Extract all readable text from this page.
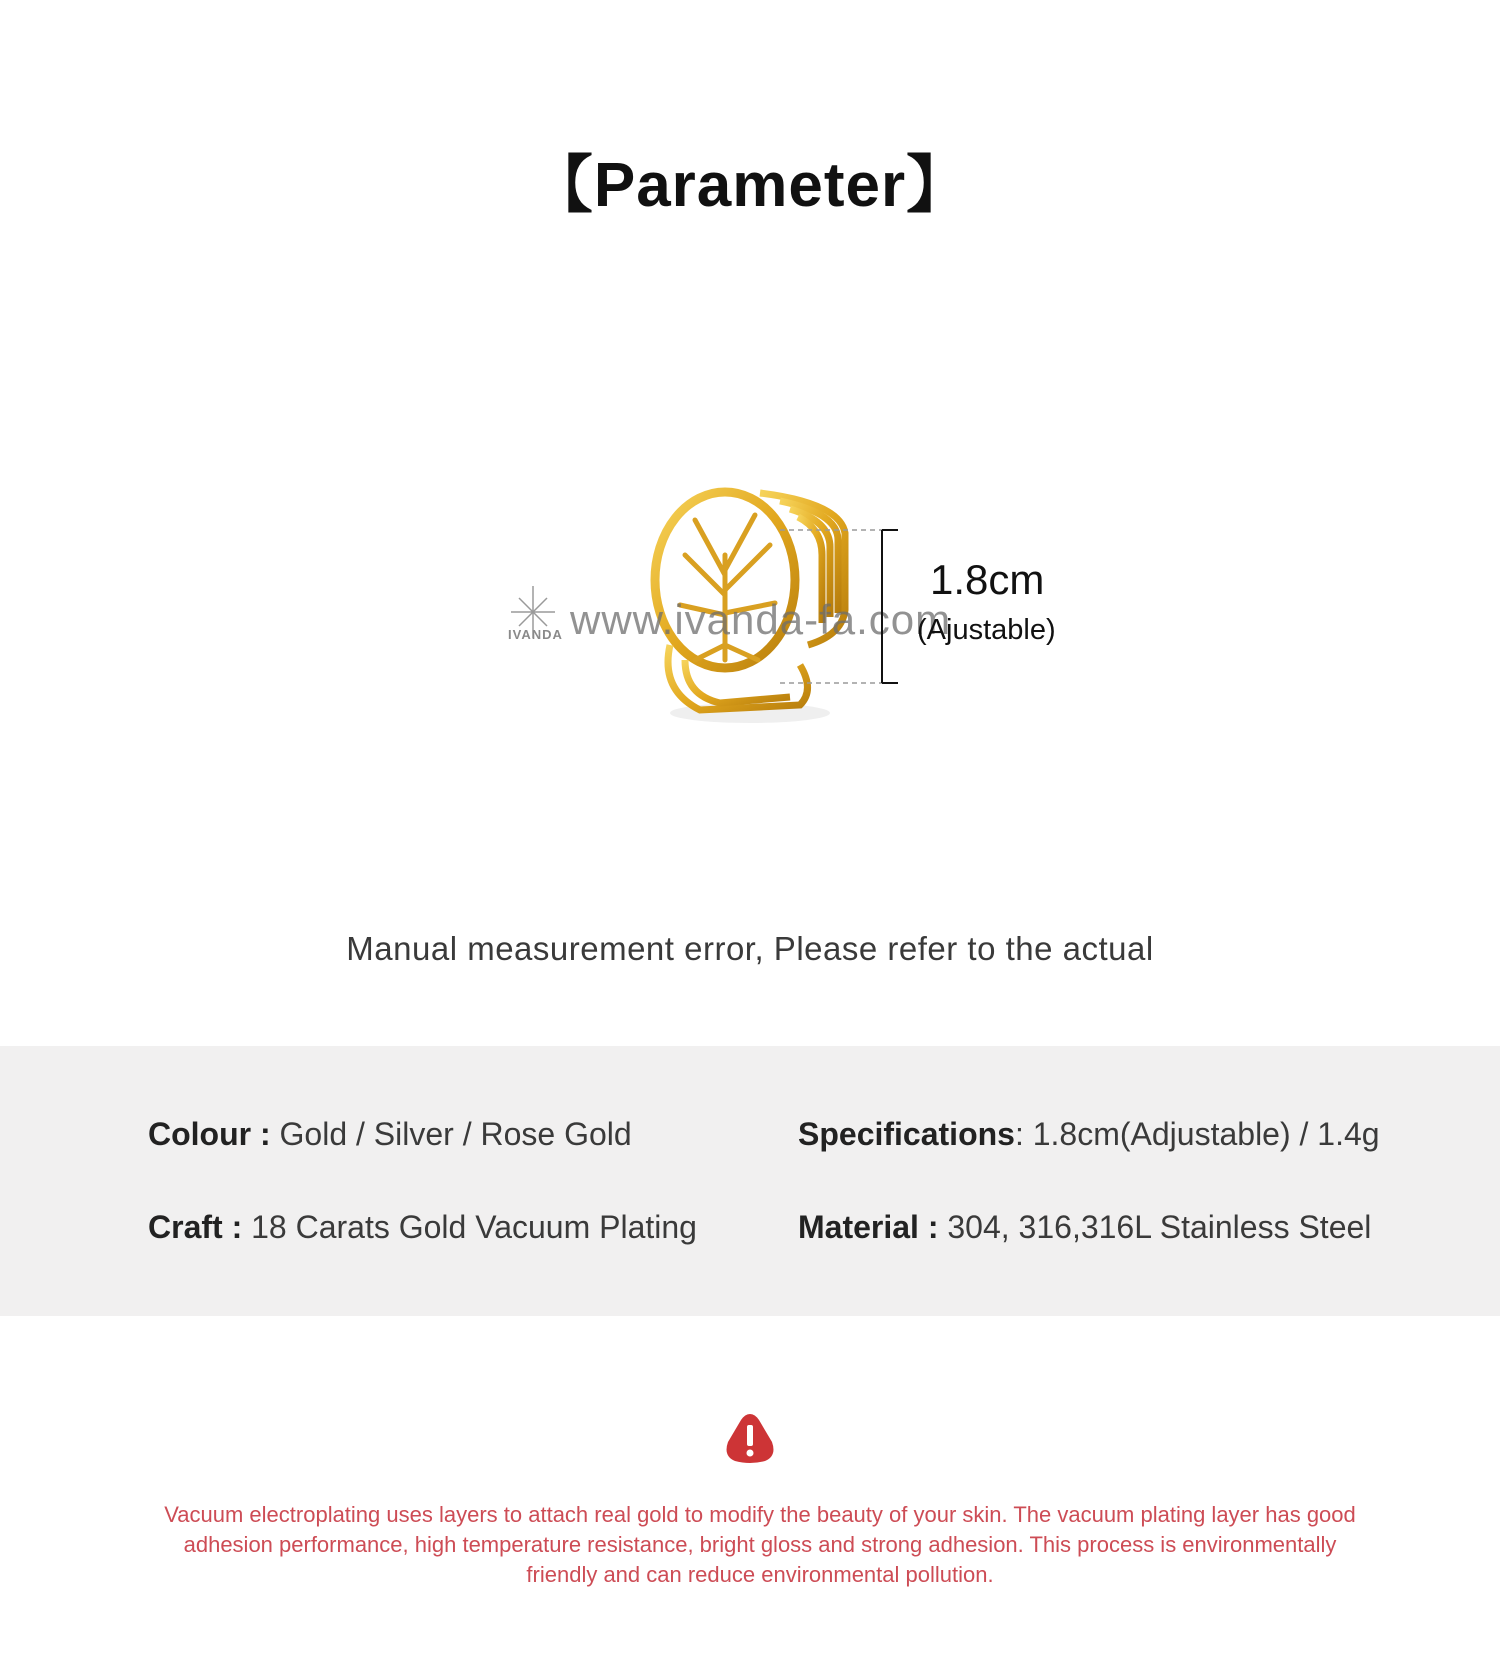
【Parameter】
IVANDA www.ivanda-fa.com
1.8cm
(Ajustable)
Manual measurement error, Please refer to the actual
Colour : Gold / Silver / Rose Gold	Specifications: 1.8cm(Adjustable) / 1.4g
Craft : 18 Carats Gold Vacuum Plating	Material : 304, 316,316L Stainless Steel
Vacuum electroplating uses layers to attach real gold to modify the beauty of your skin. The vacuum plating layer has good adhesion performance, high temperature resistance, bright gloss and strong adhesion. This process is environmentally friendly and can reduce environmental pollution.
